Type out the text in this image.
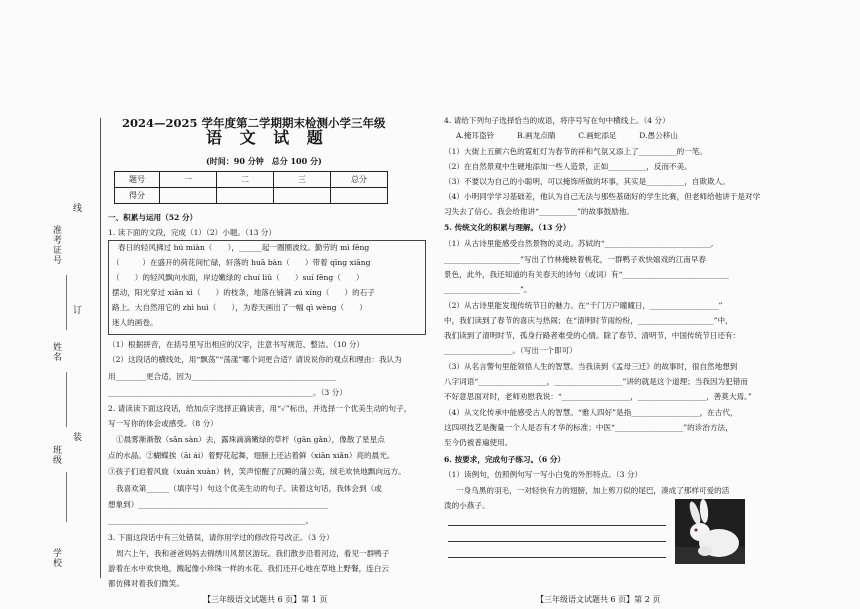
准考证号
姓名
班级
学校
线
订
装
2024—2025 学年度第二学期期末检测小学三年级
语 文 试 题
(时间：90 分钟　总分 100 分)
题号	一	二	三	总分
得分				
一、积累与运用（52 分）
1. 读下面的文段，完成（1）（2）小题。（13 分）
春日的轻风拂过 hú miàn（　　），______起一圈圈波纹。勤劳的 mì fēng
（　　　）在盛开的荷花间忙碌，轩落的 huā bàn（　　）带着 qīng xiāng
（　　）的轻风飘向水面，岸边嫩绿的 chuí liǔ（　　）suí fēng（　　）
摆动，阳光穿过 xiǎn xì（　　）的枝条，地落在铺满 zú xíng（　　）的石子
路上。大自然用它的 zhì huì（　　），为春天画出了一幅 qì wèng（　　）
迷人的画卷。
（1）根据拼音，在括号里写出相应的汉字，注意书写规范、整洁。（10 分）
（2）这段话的横线处，用“飘荡”“荡漾”哪个词更合适？请说说你的观点和理由：我认为
用________更合适，因为______________________________________
______________________________________________________。（3 分）
2. 请读读下面这段话，给加点字选择正确读音，用“✓”标出，并选择一个优美生动的句子，
写一写你的体会或感受。（8 分）
①晨雾渐渐散（sǎn sàn）去，露珠滴滴嫩绿的草杆（gān gǎn），像散了星星点
点的水晶。②蝴蝶挨（āi ái）着野花起舞，翅膀上还沾着鲜（xiān xiǎn）亮的晨光。
③孩子们迫着风旋（xuán xuàn）转，笑声惊醒了沉睡的蒲公英，绒毛欢快地飘向远方。
我喜欢第______（填序号）句这个优美生动的句子。读着这句话，我体会到（或
想象到）__________________________________________________
____________________________________________________。
3. 下面这段话中有三处错误，请你用学过的修改符号改正。（3 分）
周六上午，我和爸爸妈妈去锦绣川风景区游玩。我们散步沿着河边，看见一群鸭子
游着在水中欢快地，溅起像小珍珠一样的水花。我们还开心地在草地上野餐，连白云
都仿佛对着我们微笑。
【三年级语文试题共 6 页】第 1 页
4. 请给下列句子选择恰当的成语，将序号写在句中横线上。（4 分）
A.掩耳盗铃　　　B.画龙点睛　　　C.画蛇添足　　　D.愚公移山
（1）大街上五颜六色的霓虹灯为春节的祥和气氛又添上了__________的一笔。
（2）在自然景观中生硬地添加一些人造景，正如__________，反而不美。
（3）不要以为自己的小聪明，可以掩饰所做的坏事，其实是__________，自欺欺人。
（4）小明同学学习基础差，他认为自己无法与那些基础好的学生比赛，但老师给他讲于是对学
习失去了信心。我会给他讲“__________”的故事鼓励他。
5. 传统文化的积累与理解。（13 分）
（1）从古诗里能感受自然景物的灵动。苏轼的“____________________________,
____________________”写出了竹林掩映着桃花，一群鸭子欢快嬉戏的江南早春
景色，此外，我还知道的有关春天的诗句（或词）有“____________________________
____________________”。
（2）从古诗里能发现传统节日的魅力。在“千门万户曈曈日，__________________”
中，我们读到了春节的喜庆与热闹；在“清明时节雨纷纷，____________________”中，
我们读到了清明时节，孤身行路者难受的心情。除了春节、清明节，中国传统节日还有：
__________________。（写出一个即可）
（3）从名言警句里能领悟人生的智慧。当我读到《孟母三迁》的故事时，很自然地想到
八字词语“__________________，__________________”讲的就是这个道理；当我因为犯错而
不好意思面对时，老师劝慰我说：“__________________，__________________，善莫大焉。”
（4）从文化传承中能感受古人的智慧。“雅人四好”是指__________________，在古代，
这四项技艺是衡量一个人是否有才华的标准；中医“__________________”的诊治方法，
至今仍被普遍使用。
6. 按要求，完成句子练习。（6 分）
（1）读例句，仿照例句写一写小白兔的外形特点。（3 分）
一身乌黑的羽毛，一对轻快有力的翅膀，加上剪刀似的尾巴，凑成了那样可爱的活
泼的小燕子。
【三年级语文试题共 6 页】第 2 页
